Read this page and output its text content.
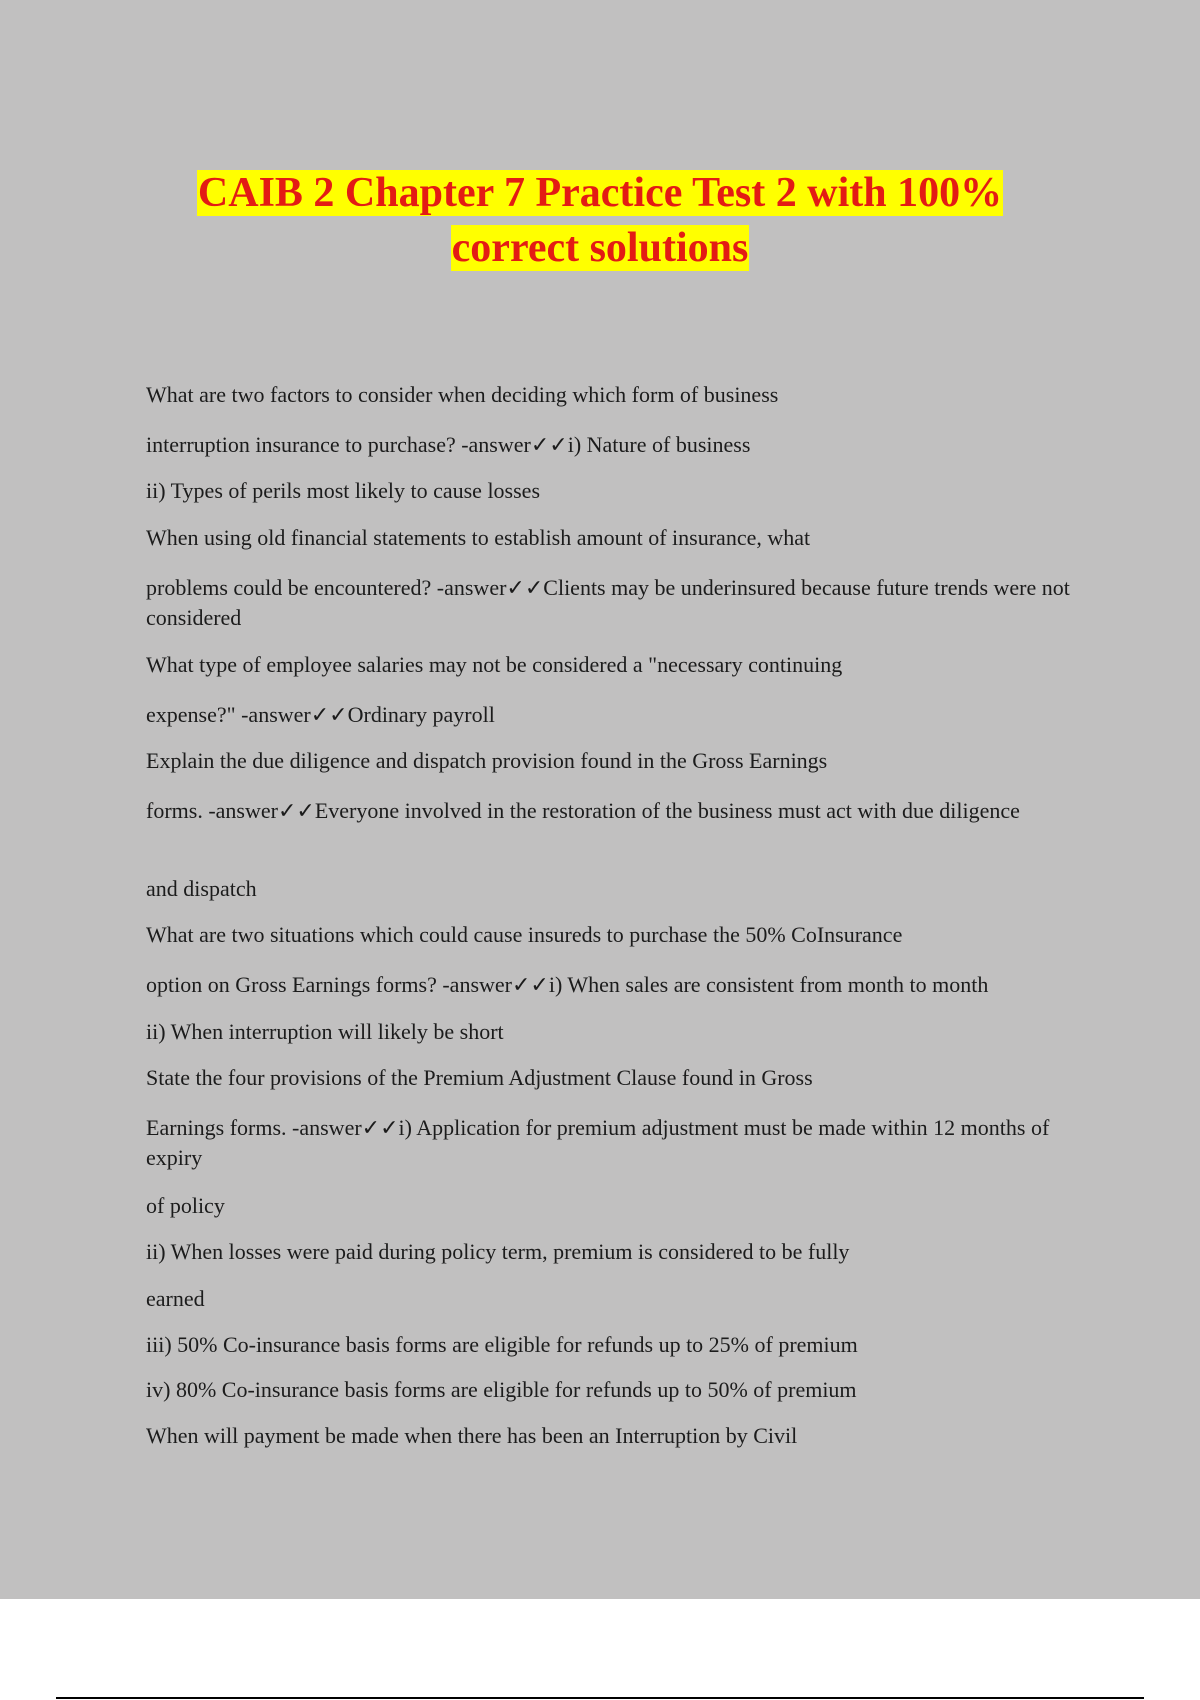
CAIB 2 Chapter 7 Practice Test 2 with 100%
correct solutions
What are two factors to consider when deciding which form of business
interruption insurance to purchase? -answer✓✓i) Nature of business
ii) Types of perils most likely to cause losses
When using old financial statements to establish amount of insurance, what
problems could be encountered? -answer✓✓Clients may be underinsured because future trends were not considered
What type of employee salaries may not be considered a "necessary continuing
expense?" -answer✓✓Ordinary payroll
Explain the due diligence and dispatch provision found in the Gross Earnings
forms. -answer✓✓Everyone involved in the restoration of the business must act with due diligence
and dispatch
What are two situations which could cause insureds to purchase the 50% CoInsurance
option on Gross Earnings forms? -answer✓✓i) When sales are consistent from month to month
ii) When interruption will likely be short
State the four provisions of the Premium Adjustment Clause found in Gross
Earnings forms. -answer✓✓i) Application for premium adjustment must be made within 12 months of expiry
of policy
ii) When losses were paid during policy term, premium is considered to be fully
earned
iii) 50% Co-insurance basis forms are eligible for refunds up to 25% of premium
iv) 80% Co-insurance basis forms are eligible for refunds up to 50% of premium
When will payment be made when there has been an Interruption by Civil
